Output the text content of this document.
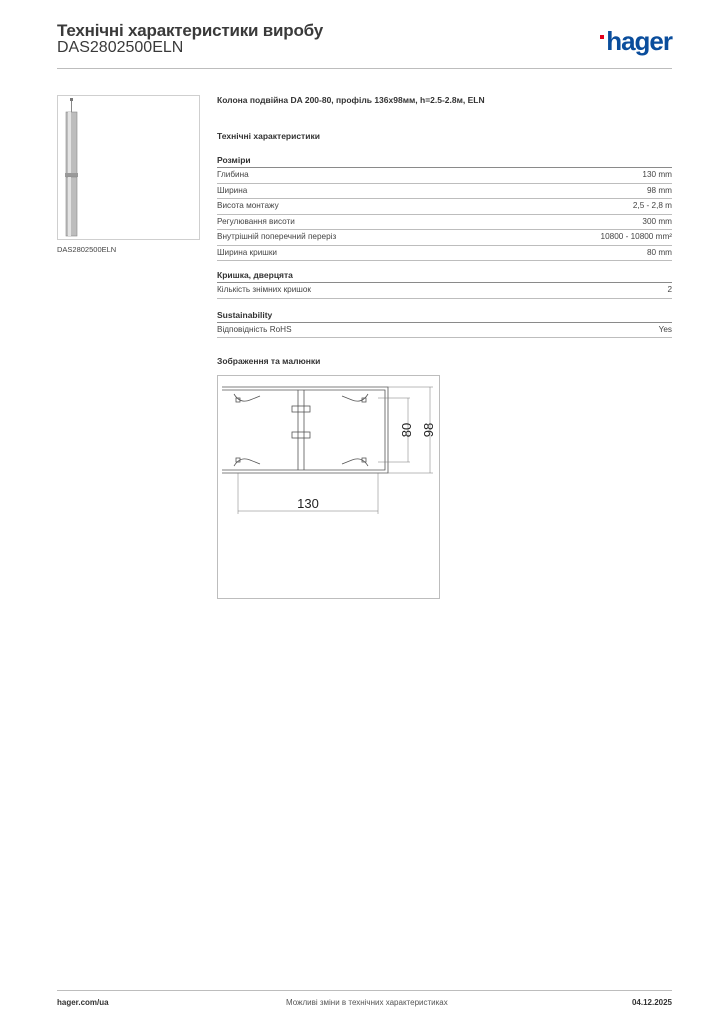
Технічні характеристики виробу
DAS2802500ELN	hager
DAS2802500ELN
Колона подвійна DA 200-80, профіль 136х98мм, h=2.5-2.8м, ELN
Технічні характеристики
Розміри
Глибина	130 mm
Ширина	98 mm
Висота монтажу	2,5 - 2,8 m
Регулювання висоти	300 mm
Внутрішній поперечний переріз	10800 - 10800 mm²
Ширина кришки	80 mm
Кришка, дверцята
Кількість знімних кришок	2
Sustainability
Відповідність RoHS	Yes
Зображення та малюнки
130
80 98
hager.com/ua	Можливі зміни в технічних характеристиках	04.12.2025
